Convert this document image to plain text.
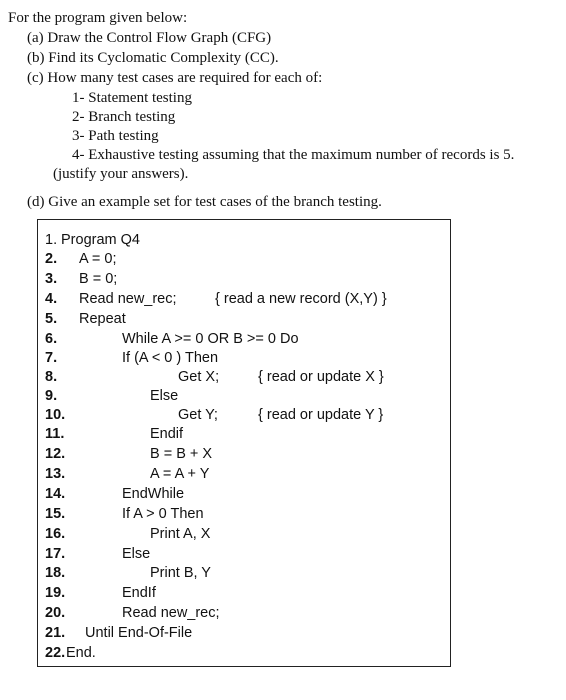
For the program given below:
(a) Draw the Control Flow Graph (CFG)
(b) Find its Cyclomatic Complexity (CC).
(c) How many test cases are required for each of:
1- Statement testing
2- Branch testing
3- Path testing
4- Exhaustive testing assuming that the maximum number of records is 5.
(justify your answers).
(d) Give an example set for test cases of the branch testing.
1.
2.
3.
4.
5.
6.
7.
8.
9.
10.
11.
12.
13.
14.
15.
16.
17.
18.
19.
20.
21.
22.
Program Q4
A = 0;
B = 0;
Read new_rec;
Repeat
While A >= 0 OR B >= 0 Do
If (A < 0 ) Then
Get X;
Else
Get Y;
Endif
B = B + X
A = A + Y
EndWhile
If A > 0 Then
Print A, X
Else
Print B, Y
EndIf
Read new_rec;
Until End-Of-File
End.
{ read a new record (X,Y) }
{ read or update X }
{ read or update Y }
